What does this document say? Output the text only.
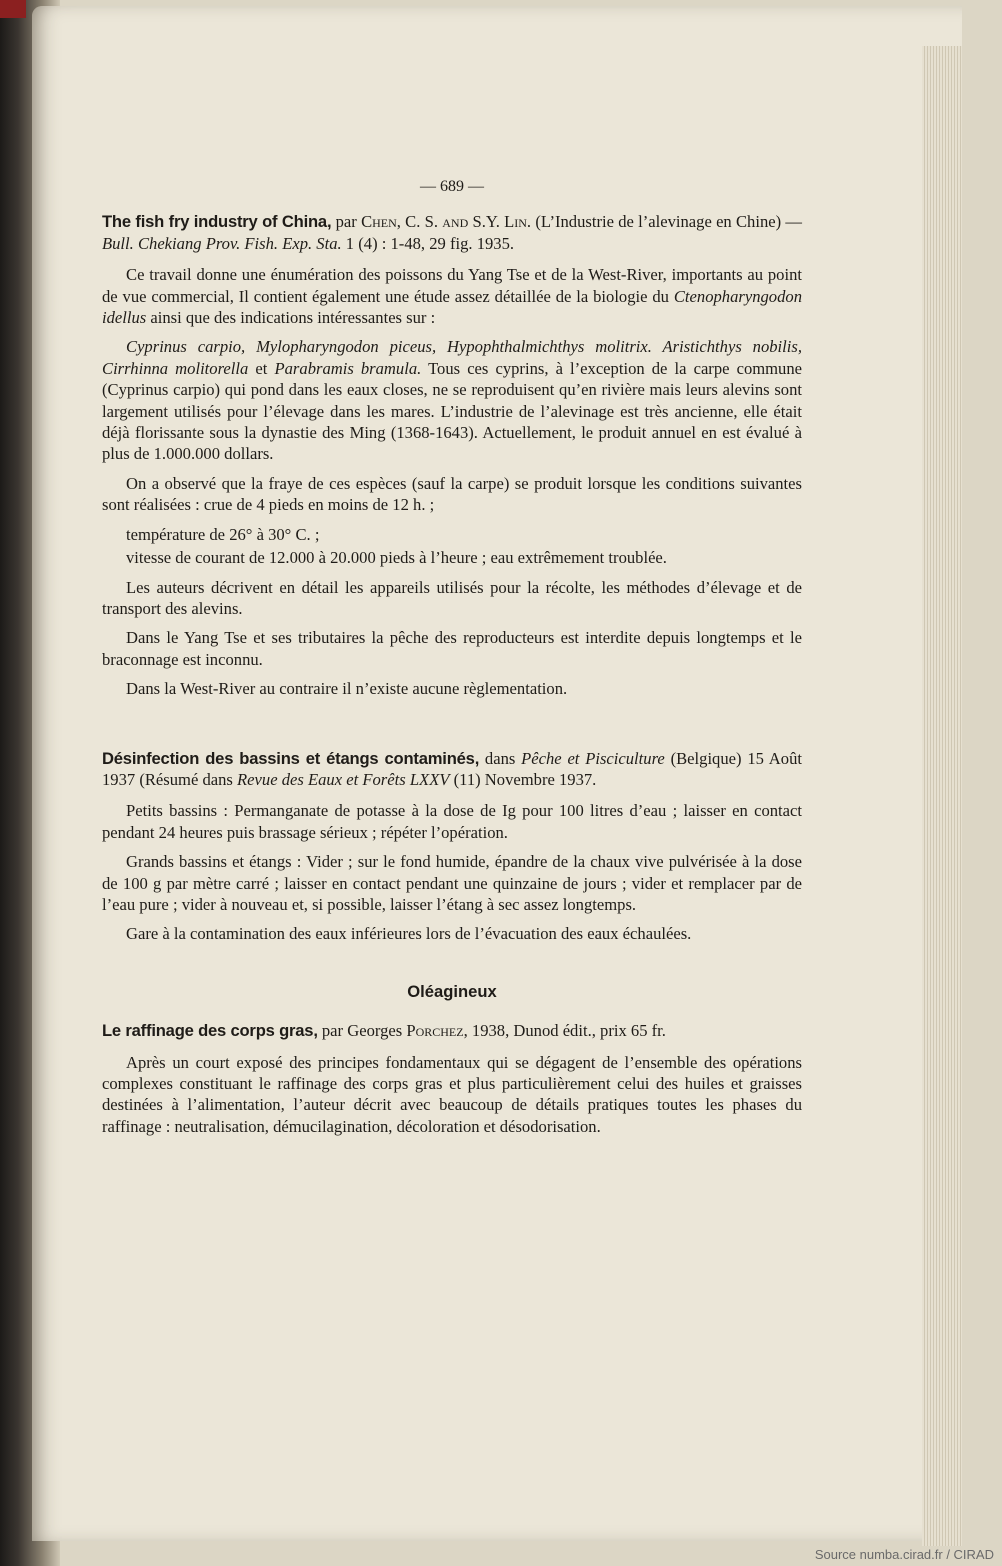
— 689 —

The fish fry industry of China, par Chen, C. S. and S.Y. Lin. (L’Industrie de l’alevinage en Chine) — Bull. Chekiang Prov. Fish. Exp. Sta. 1 (4) : 1-48, 29 fig. 1935.

Ce travail donne une énumération des poissons du Yang Tse et de la West-River, importants au point de vue commercial, Il contient également une étude assez détaillée de la biologie du Ctenopharyngodon idellus ainsi que des indications intéressantes sur :

Cyprinus carpio, Mylopharyngodon piceus, Hypophthalmichthys molitrix. Aristichthys nobilis, Cirrhinna molitorella et Parabramis bramula. Tous ces cyprins, à l’exception de la carpe commune (Cyprinus carpio) qui pond dans les eaux closes, ne se reproduisent qu’en rivière mais leurs alevins sont largement utilisés pour l’élevage dans les mares. L’industrie de l’alevinage est très ancienne, elle était déjà florissante sous la dynastie des Ming (1368-1643). Actuellement, le produit annuel en est évalué à plus de 1.000.000 dollars.

On a observé que la fraye de ces espèces (sauf la carpe) se produit lorsque les conditions suivantes sont réalisées : crue de 4 pieds en moins de 12 h. ;

température de 26° à 30° C. ;

vitesse de courant de 12.000 à 20.000 pieds à l’heure ; eau extrêmement troublée.

Les auteurs décrivent en détail les appareils utilisés pour la récolte, les méthodes d’élevage et de transport des alevins.

Dans le Yang Tse et ses tributaires la pêche des reproducteurs est interdite depuis longtemps et le braconnage est inconnu.

Dans la West-River au contraire il n’existe aucune règlementation.

Désinfection des bassins et étangs contaminés, dans Pêche et Pisciculture (Belgique) 15 Août 1937 (Résumé dans Revue des Eaux et Forêts LXXV (11) Novembre 1937.

Petits bassins : Permanganate de potasse à la dose de Ig pour 100 litres d’eau ; laisser en contact pendant 24 heures puis brassage sérieux ; répéter l’opération.

Grands bassins et étangs : Vider ; sur le fond humide, épandre de la chaux vive pulvérisée à la dose de 100 g par mètre carré ; laisser en contact pendant une quinzaine de jours ; vider et remplacer par de l’eau pure ; vider à nouveau et, si possible, laisser l’étang à sec assez longtemps.

Gare à la contamination des eaux inférieures lors de l’évacuation des eaux échaulées.

Oléagineux

Le raffinage des corps gras, par Georges Porchez, 1938, Dunod édit., prix 65 fr.

Après un court exposé des principes fondamentaux qui se dégagent de l’ensemble des opérations complexes constituant le raffinage des corps gras et plus particulièrement celui des huiles et graisses destinées à l’alimentation, l’auteur décrit avec beaucoup de détails pratiques toutes les phases du raffinage : neutralisation, démucilagination, décoloration et désodorisation.

Source numba.cirad.fr / CIRAD
